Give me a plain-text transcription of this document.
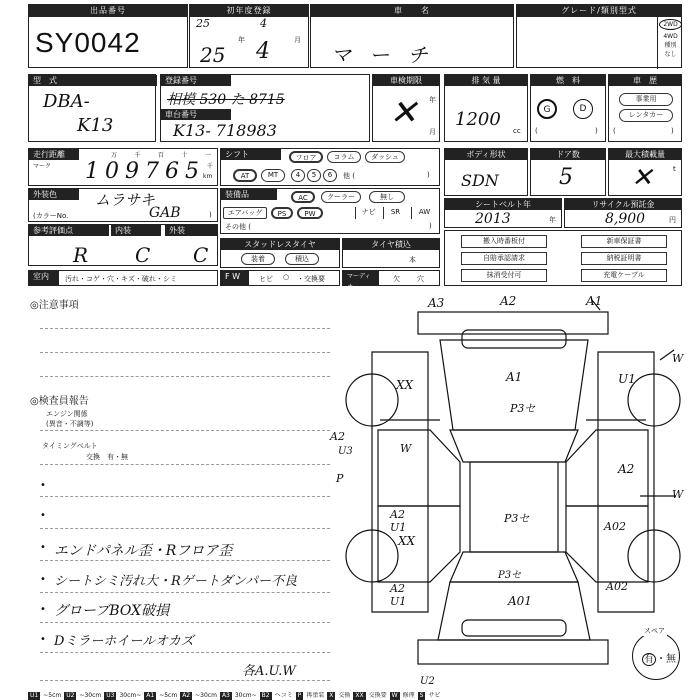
出品番号
SY0042
初年度登録
25	4
25
年 4	月
車　　名
マ ー チ
グレード/類別型式
2WD
4WD
種別
なし
型　式
DBA-
K13
登録番号
相模 530 た 8715
車台番号
K13- 718983
車検期限
年
月
✕
排 気 量
1200
cc
燃　料
G	D
(	)
車　歴
事業用
レンタカー
(	)
走行距離
マーク
万	千	百	十	一
109765 千
km
シフト	フロア	コラム	ダッシュ
AT	MT	4	5	6	他 (	)
ボディ形状
SDN
ドア数
5
最大積載量
✕	t
外装色	ムラサキ
(カラーNo.	GAB	)
装備品	AC	クーラー	無し
エアバッグ	PS	PW	ナビ	SR	AW
その他 (	)
シートベルト年
2013	年
リサイクル預託金
8,900	円
参考評価点	内装	外装
R C C	スタッドレスタイヤ
装着	積込
タイヤ積込
本
搬入時番板付
自賠承認請求
抹消受付可
新車保証書
納税証明書
充電ケーブル
室内	汚れ・コゲ・穴・キズ・破れ・シミ	F W	ヒビ ○ ・交換要	マーディオ
欠 穴
◎注意事項
◎検査員報告
エンジン関係
(異音・不調等)
タイミングベルト
交換　有・無
•
•
• エンドパネル歪・Rフロア歪
• シートシミ汚れ大・Rゲートダンパー不良
• グローブBOX破損
• Dミラーホイールオカズ
各A.U.W
A3	A2	A1
W
XX
A1
P3セ
U1
A2
U3
P
W
A2
P3セ
A2 U1
XX
A02
P3セ
A2 U1	A01
A02
W
U2
スペア
有 ・無
U1 ~5cm U2 ~30cm U3 30cm~ A1 ~5cm A2 ~30cm A3 30cm~ B2 ヘコミ P 再塗装 X 交換 XX 交換要 W 修理 S サビ
